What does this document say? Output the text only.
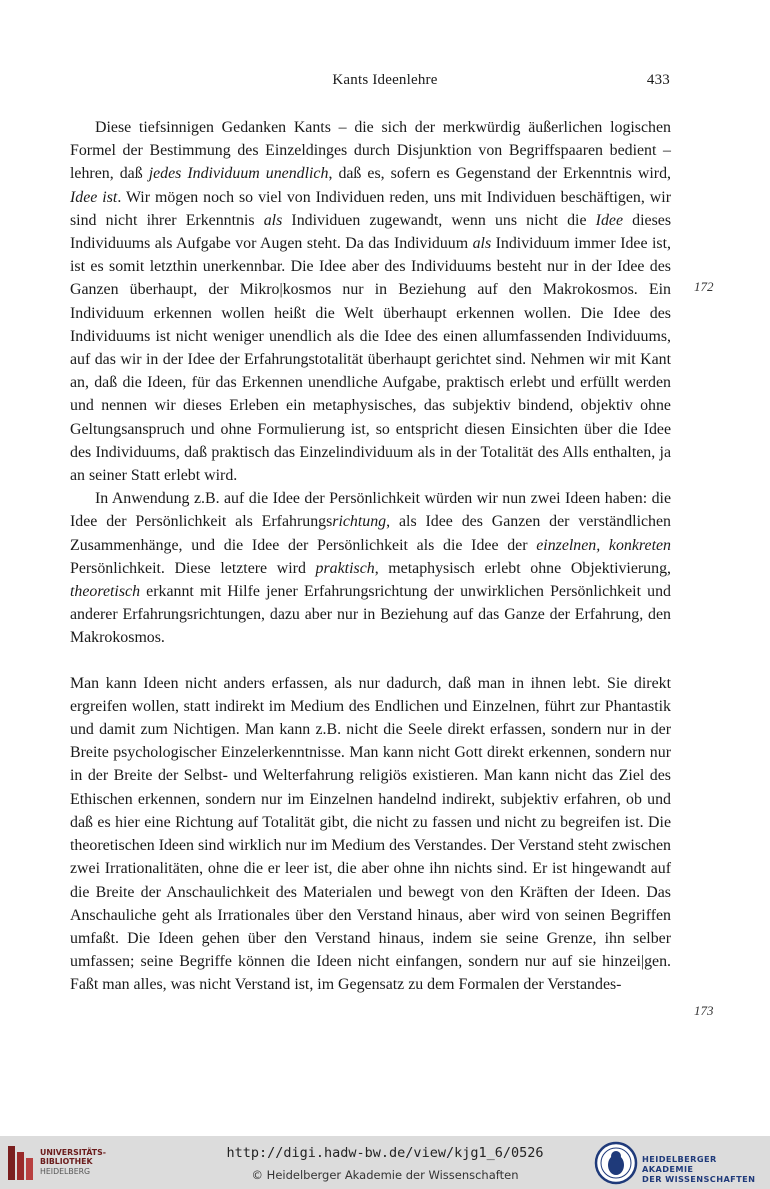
Kants Ideenlehre	433

Diese tiefsinnigen Gedanken Kants – die sich der merkwürdig äußerlichen logischen Formel der Bestimmung des Einzeldinges durch Disjunktion von Begriffspaaren bedient – lehren, daß jedes Individuum unendlich, daß es, sofern es Gegenstand der Erkenntnis wird, Idee ist. Wir mögen noch so viel von Individuen reden, uns mit Individuen beschäftigen, wir sind nicht ihrer Erkenntnis als Individuen zugewandt, wenn uns nicht die Idee dieses Individuums als Aufgabe vor Augen steht. Da das Individuum als Individuum immer Idee ist, ist es somit letzthin unerkennbar. Die Idee aber des Individuums besteht nur in der Idee des Ganzen überhaupt, der Mikro|kosmos nur in Beziehung auf den Makrokosmos. Ein Individuum erkennen wollen heißt die Welt überhaupt erkennen wollen. Die Idee des Individuums ist nicht weniger unendlich als die Idee des einen allumfassenden Individuums, auf das wir in der Idee der Erfahrungstotalität überhaupt gerichtet sind. Nehmen wir mit Kant an, daß die Ideen, für das Erkennen unendliche Aufgabe, praktisch erlebt und erfüllt werden und nennen wir dieses Erleben ein metaphysisches, das subjektiv bindend, objektiv ohne Geltungsanspruch und ohne Formulierung ist, so entspricht diesen Einsichten über die Idee des Individuums, daß praktisch das Einzelindividuum als in der Totalität des Alls enthalten, ja an seiner Statt erlebt wird.

In Anwendung z.B. auf die Idee der Persönlichkeit würden wir nun zwei Ideen haben: die Idee der Persönlichkeit als Erfahrungsrichtung, als Idee des Ganzen der verständlichen Zusammenhänge, und die Idee der Persönlichkeit als die Idee der einzelnen, konkreten Persönlichkeit. Diese letztere wird praktisch, metaphysisch erlebt ohne Objektivierung, theoretisch erkannt mit Hilfe jener Erfahrungsrichtung der unwirklichen Persönlichkeit und anderer Erfahrungsrichtungen, dazu aber nur in Beziehung auf das Ganze der Erfahrung, den Makrokosmos.

Man kann Ideen nicht anders erfassen, als nur dadurch, daß man in ihnen lebt. Sie direkt ergreifen wollen, statt indirekt im Medium des Endlichen und Einzelnen, führt zur Phantastik und damit zum Nichtigen. Man kann z.B. nicht die Seele direkt erfassen, sondern nur in der Breite psychologischer Einzelerkenntnisse. Man kann nicht Gott direkt erkennen, sondern nur in der Breite der Selbst- und Welterfahrung religiös existieren. Man kann nicht das Ziel des Ethischen erkennen, sondern nur im Einzelnen handelnd indirekt, subjektiv erfahren, ob und daß es hier eine Richtung auf Totalität gibt, die nicht zu fassen und nicht zu begreifen ist. Die theoretischen Ideen sind wirklich nur im Medium des Verstandes. Der Verstand steht zwischen zwei Irrationalitäten, ohne die er leer ist, die aber ohne ihn nichts sind. Er ist hingewandt auf die Breite der Anschaulichkeit des Materialen und bewegt von den Kräften der Ideen. Das Anschauliche geht als Irrationales über den Verstand hinaus, aber wird von seinen Begriffen umfaßt. Die Ideen gehen über den Verstand hinaus, indem sie seine Grenze, ihn selber umfassen; seine Begriffe können die Ideen nicht einfangen, sondern nur auf sie hinzei|gen. Faßt man alles, was nicht Verstand ist, im Gegensatz zu dem Formalen der Verstandes-

172
173
UNIVERSITÄTS-
BIBLIOTHEK
HEIDELBERG
http://digi.hadw-bw.de/view/kjg1_6/0526
© Heidelberger Akademie der Wissenschaften
HEIDELBERGER AKADEMIE
DER WISSENSCHAFTEN
